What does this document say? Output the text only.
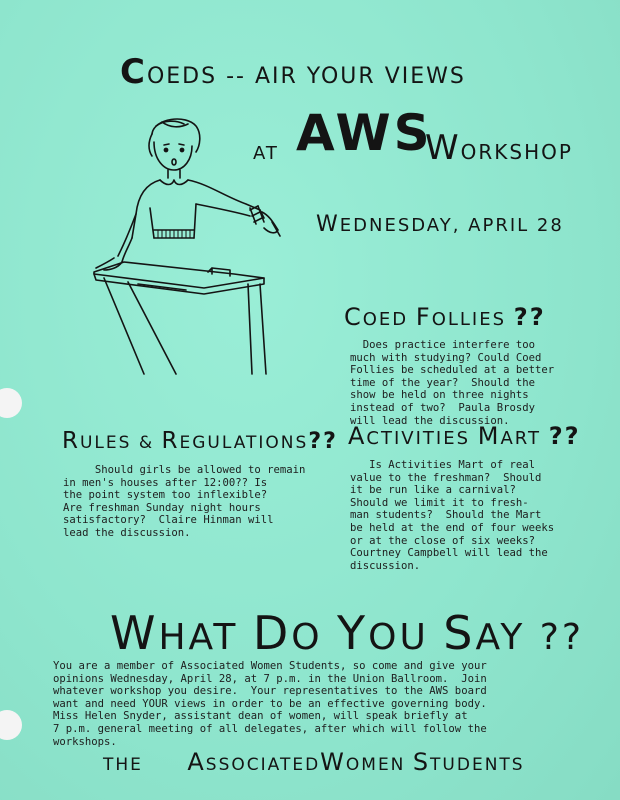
COEDS -- AIR YOUR VIEWS
AT AWS
WORKSHOP
WEDNESDAY, APRIL 28
COED FOLLIES ??
Does practice interfere too
much with studying? Could Coed
Follies be scheduled at a better
time of the year?  Should the
show be held on three nights
instead of two?  Paula Brosdy
will lead the discussion.
RULES & REGULATIONS??
Should girls be allowed to remain
in men's houses after 12:00?? Is
the point system too inflexible?
Are freshman Sunday night hours
satisfactory?  Claire Hinman will
lead the discussion.
ACTIVITIES MART ??
Is Activities Mart of real
value to the freshman?  Should
it be run like a carnival?
Should we limit it to fresh-
man students?  Should the Mart
be held at the end of four weeks
or at the close of six weeks?
Courtney Campbell will lead the
discussion.
WHAT DO YOU SAY ??
You are a member of Associated Women Students, so come and give your
opinions Wednesday, April 28, at 7 p.m. in the Union Ballroom.  Join
whatever workshop you desire.  Your representatives to the AWS board
want and need YOUR views in order to be an effective governing body.
Miss Helen Snyder, assistant dean of women, will speak briefly at
7 p.m. general meeting of all delegates, after which will follow the
workshops.
THE ASSOCIATEDWOMEN STUDENTS
